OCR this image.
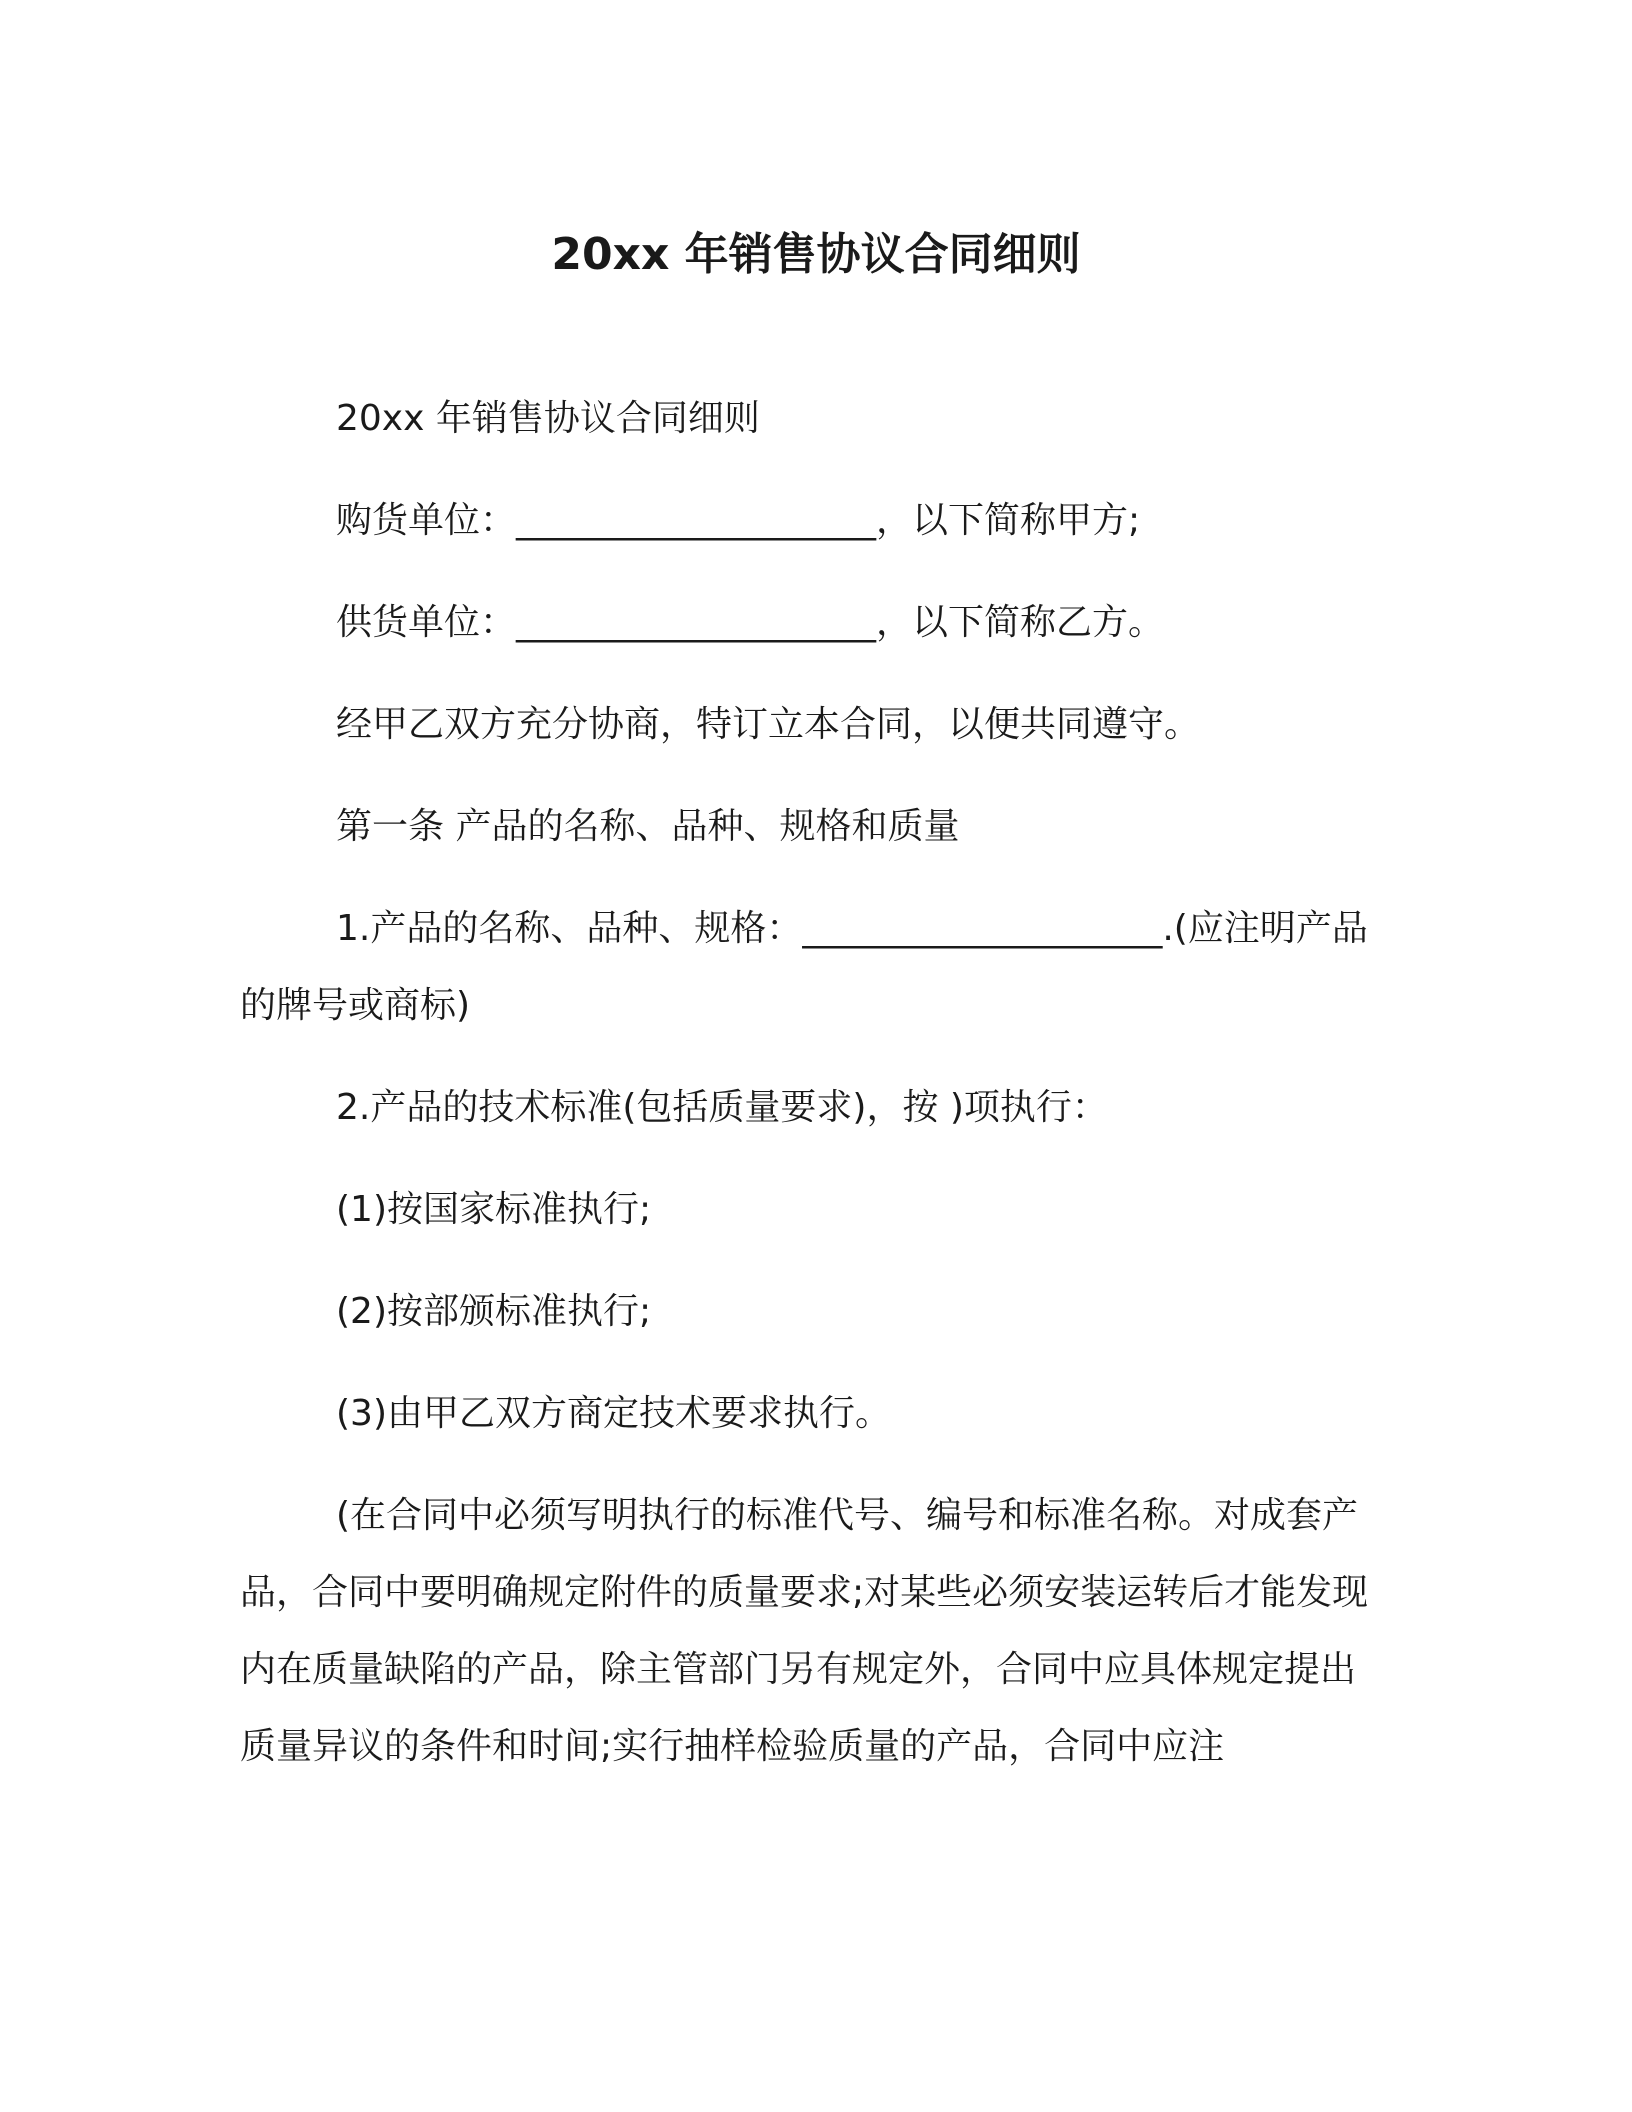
20xx 年销售协议合同细则

20xx 年销售协议合同细则

购货单位：____________________，以下简称甲方;

供货单位：____________________，以下简称乙方。

经甲乙双方充分协商，特订立本合同，以便共同遵守。

第一条 产品的名称、品种、规格和质量

1.产品的名称、品种、规格：____________________.(应注明产品的牌号或商标)

2.产品的技术标准(包括质量要求)，按 )项执行：

(1)按国家标准执行;

(2)按部颁标准执行;

(3)由甲乙双方商定技术要求执行。

(在合同中必须写明执行的标准代号、编号和标准名称。对成套产品，合同中要明确规定附件的质量要求;对某些必须安装运转后才能发现内在质量缺陷的产品，除主管部门另有规定外，合同中应具体规定提出质量异议的条件和时间;实行抽样检验质量的产品，合同中应注
